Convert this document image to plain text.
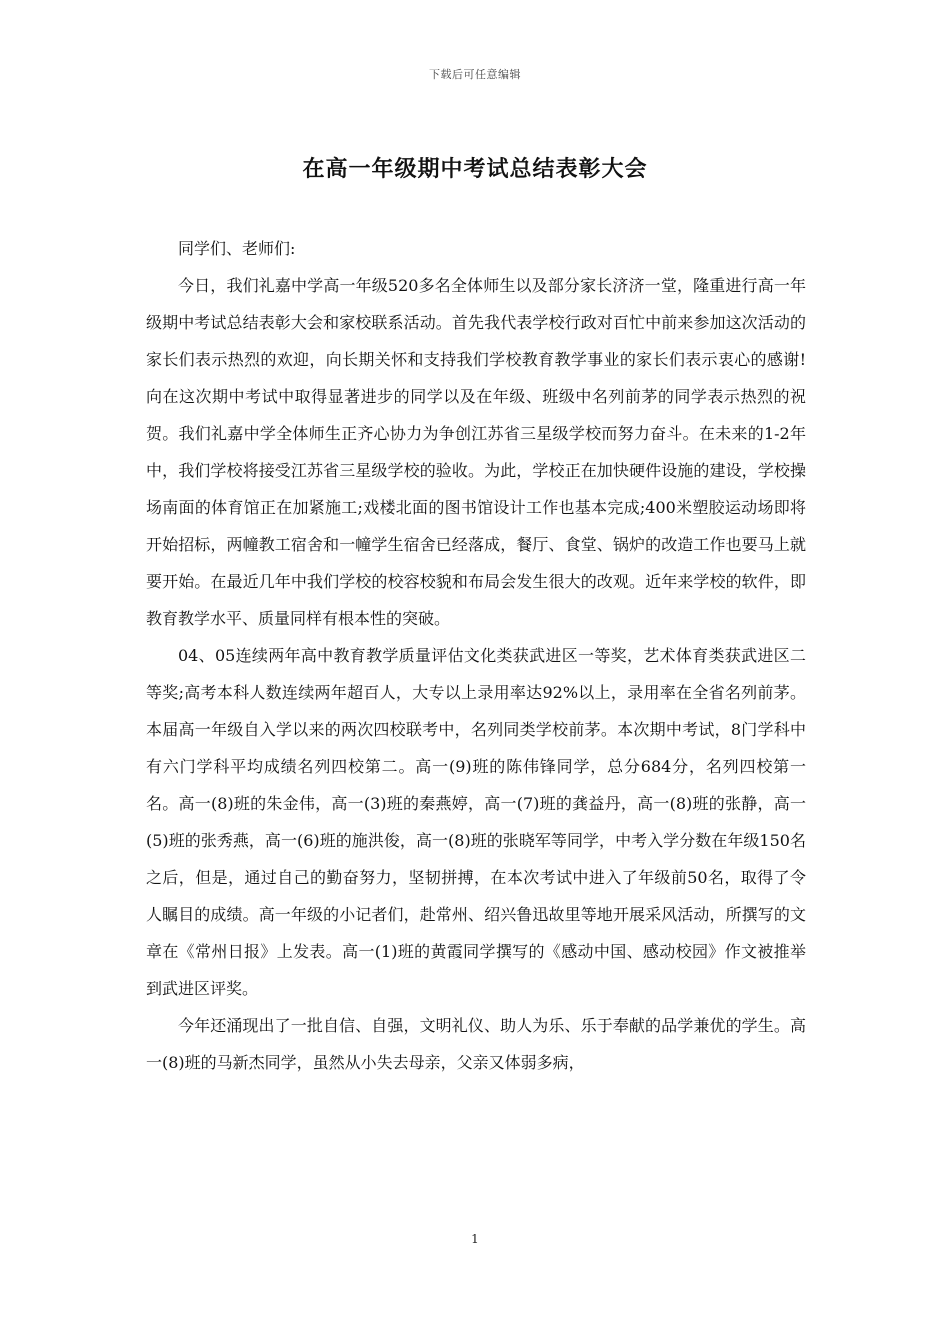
下载后可任意编辑
在高一年级期中考试总结表彰大会

同学们、老师们:

今日，我们礼嘉中学高一年级520多名全体师生以及部分家长济济一堂，隆重进行高一年级期中考试总结表彰大会和家校联系活动。首先我代表学校行政对百忙中前来参加这次活动的家长们表示热烈的欢迎，向长期关怀和支持我们学校教育教学事业的家长们表示衷心的感谢!向在这次期中考试中取得显著进步的同学以及在年级、班级中名列前茅的同学表示热烈的祝贺。我们礼嘉中学全体师生正齐心协力为争创江苏省三星级学校而努力奋斗。在未来的1-2年中，我们学校将接受江苏省三星级学校的验收。为此，学校正在加快硬件设施的建设，学校操场南面的体育馆正在加紧施工;戏楼北面的图书馆设计工作也基本完成;400米塑胶运动场即将开始招标，两幢教工宿舍和一幢学生宿舍已经落成，餐厅、食堂、锅炉的改造工作也要马上就要开始。在最近几年中我们学校的校容校貌和布局会发生很大的改观。近年来学校的软件，即教育教学水平、质量同样有根本性的突破。

04、05连续两年高中教育教学质量评估文化类获武进区一等奖，艺术体育类获武进区二等奖;高考本科人数连续两年超百人，大专以上录用率达92%以上，录用率在全省名列前茅。本届高一年级自入学以来的两次四校联考中，名列同类学校前茅。本次期中考试，8门学科中有六门学科平均成绩名列四校第二。高一(9)班的陈伟锋同学，总分684分，名列四校第一名。高一(8)班的朱金伟，高一(3)班的秦燕婷，高一(7)班的龚益丹，高一(8)班的张静，高一(5)班的张秀燕，高一(6)班的施洪俊，高一(8)班的张晓军等同学，中考入学分数在年级150名之后，但是，通过自己的勤奋努力，坚韧拼搏，在本次考试中进入了年级前50名，取得了令人瞩目的成绩。高一年级的小记者们，赴常州、绍兴鲁迅故里等地开展采风活动，所撰写的文章在《常州日报》上发表。高一(1)班的黄霞同学撰写的《感动中国、感动校园》作文被推举到武进区评奖。

今年还涌现出了一批自信、自强，文明礼仪、助人为乐、乐于奉献的品学兼优的学生。高一(8)班的马新杰同学，虽然从小失去母亲，父亲又体弱多病，

1
